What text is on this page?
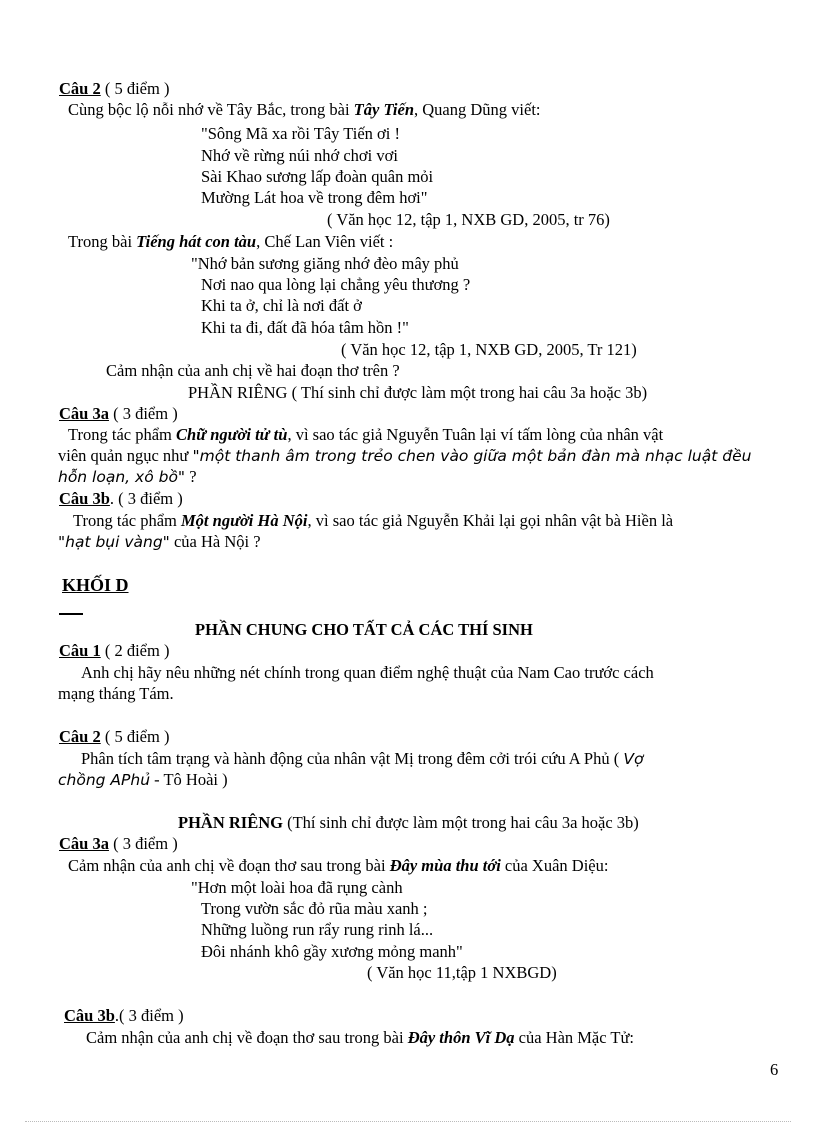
Câu 2 ( 5 điểm )
Cùng bộc lộ nỗi nhớ về Tây Bắc, trong bài Tây Tiến, Quang Dũng viết:
"Sông Mã xa rồi Tây Tiến ơi !
Nhớ về rừng núi nhớ chơi vơi
Sài Khao sương lấp đoàn quân mỏi
Mường Lát hoa về trong đêm hơi"
( Văn học 12, tập 1, NXB GD, 2005, tr 76)
Trong bài Tiếng hát con tàu, Chế Lan Viên viết :
"Nhớ bản sương giăng nhớ đèo mây phủ
Nơi nao qua lòng lại chẳng yêu thương ?
Khi ta ở, chỉ là nơi đất ở
Khi ta đi, đất đã hóa tâm hồn !"
( Văn học 12, tập 1, NXB GD, 2005, Tr 121)
Cảm nhận của anh chị về hai đoạn thơ trên ?
PHẦN RIÊNG ( Thí sinh chỉ được làm một trong hai câu 3a hoặc 3b)
Câu 3a ( 3 điểm )
Trong tác phẩm Chữ người tử tù, vì sao tác giả Nguyễn Tuân lại ví tấm lòng của nhân vật
viên quản ngục như "một thanh âm trong trẻo chen vào giữa một bản đàn mà nhạc luật đều
hỗn loạn, xô bồ" ?
Câu 3b. ( 3 điểm )
Trong tác phẩm Một người Hà Nội, vì sao tác giả Nguyễn Khải lại gọi nhân vật bà Hiền là
"hạt bụi vàng" của Hà Nội ?
KHỐI D
PHẦN CHUNG CHO TẤT CẢ CÁC THÍ SINH
Câu 1 ( 2 điểm )
Anh chị hãy nêu những nét chính trong quan điểm nghệ thuật của Nam Cao trước cách
mạng tháng Tám.
Câu 2 ( 5 điểm )
Phân tích tâm trạng và hành động của nhân vật Mị trong đêm cởi trói cứu A Phủ ( Vợ
chồng APhủ - Tô Hoài )
PHẦN RIÊNG (Thí sinh chỉ được làm một trong hai câu 3a hoặc 3b)
Câu 3a ( 3 điểm )
Cảm nhận của anh chị về đoạn thơ sau trong bài Đây mùa thu tới của Xuân Diệu:
"Hơn một loài hoa đã rụng cành
Trong vườn sắc đỏ rũa màu xanh ;
Những luồng run rẩy rung rinh lá...
Đôi nhánh khô gầy xương mỏng manh"
( Văn học 11,tập 1 NXBGD)
Câu 3b.( 3 điểm )
Cảm nhận của anh chị về đoạn thơ sau trong bài Đây thôn Vĩ Dạ của Hàn Mặc Tử:
6
